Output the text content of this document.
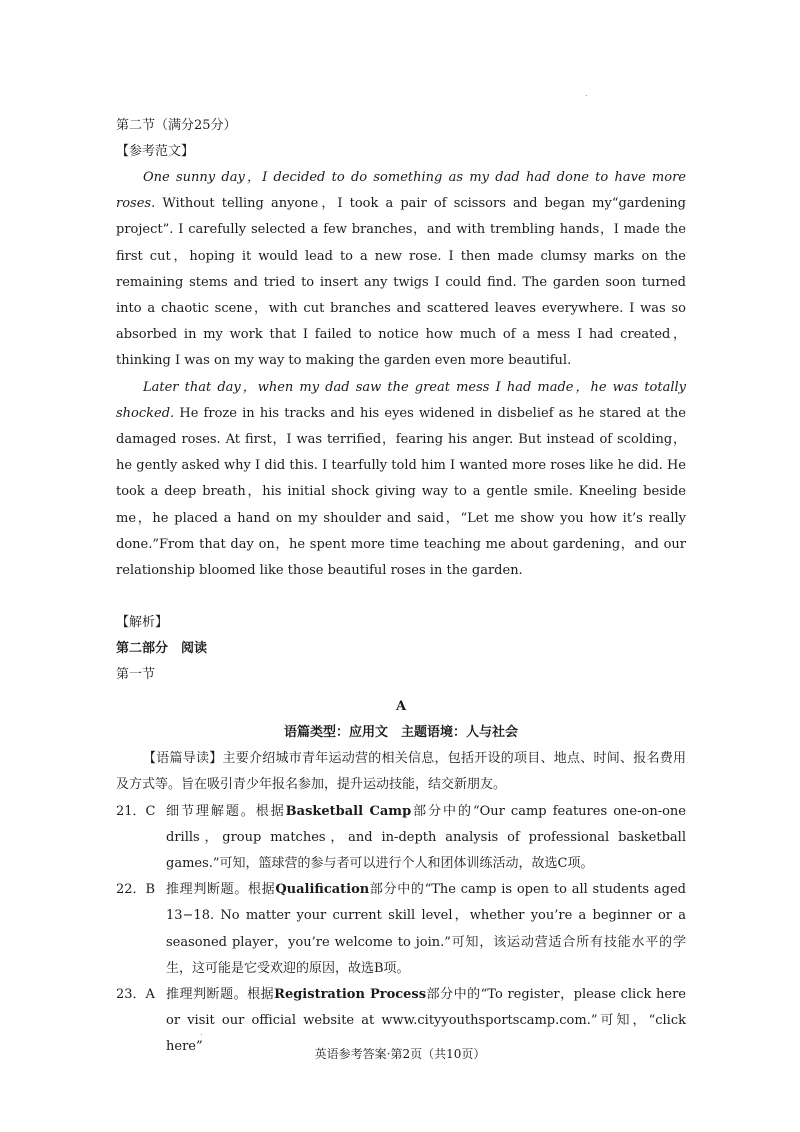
第二节（满分25分）
【参考范文】

One sunny day，I decided to do something as my dad had done to have more roses. Without telling anyone，I took a pair of scissors and began my“gardening project”. I carefully selected a few branches，and with trembling hands，I made the first cut，hoping it would lead to a new rose. I then made clumsy marks on the remaining stems and tried to insert any twigs I could find. The garden soon turned into a chaotic scene，with cut branches and scattered leaves everywhere. I was so absorbed in my work that I failed to notice how much of a mess I had created， thinking I was on my way to making the garden even more beautiful.

Later that day，when my dad saw the great mess I had made，he was totally shocked. He froze in his tracks and his eyes widened in disbelief as he stared at the damaged roses. At first，I was terrified，fearing his anger. But instead of scolding，he gently asked why I did this. I tearfully told him I wanted more roses like he did. He took a deep breath，his initial shock giving way to a gentle smile. Kneeling beside me，he placed a hand on my shoulder and said，“Let me show you how it’s really done.”From that day on，he spent more time teaching me about gardening，and our relationship bloomed like those beautiful roses in the garden.

【解析】
第二部分　阅读
第一节
A
语篇类型：应用文　主题语境：人与社会

【语篇导读】主要介绍城市青年运动营的相关信息，包括开设的项目、地点、时间、报名费用及方式等。旨在吸引青少年报名参加，提升运动技能，结交新朋友。

21．C 细节理解题。根据Basketball Camp部分中的“Our camp features one-on-one drills，group matches，and in-depth analysis of professional basketball games.”可知，篮球营的参与者可以进行个人和团体训练活动，故选C项。
22．B 推理判断题。根据Qualification部分中的“The camp is open to all students aged 13−18. No matter your current skill level，whether you’re a beginner or a seasoned player，you’re welcome to join.”可知，该运动营适合所有技能水平的学生，这可能是它受欢迎的原因，故选B项。
23．A 推理判断题。根据Registration Process部分中的“To register，please click here or visit our official website at www.cityyouthsportscamp.com.”可知，“click here”	英语参考答案·第2页（共10页）
